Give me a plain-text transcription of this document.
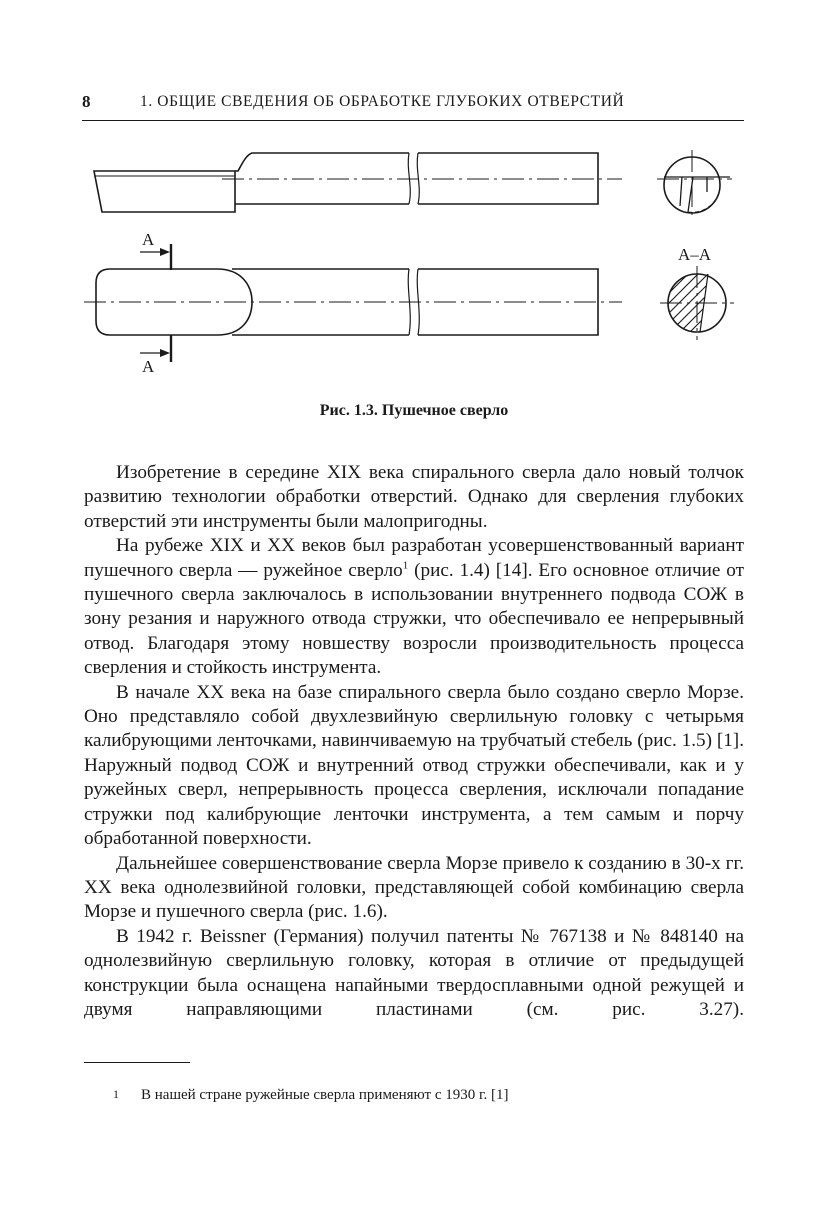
8	1. ОБЩИЕ СВЕДЕНИЯ ОБ ОБРАБОТКЕ ГЛУБОКИХ ОТВЕРСТИЙ
А
А
А–А
Рис. 1.3. Пушечное сверло

Изобретение в середине XIX века спирального сверла дало новый толчок развитию технологии обработки отверстий. Однако для сверления глубоких отверстий эти инструменты были малопригодны.

На рубеже XIX и XX веков был разработан усовершенствованный вариант пушечного сверла — ружейное сверло$^1$ (рис. 1.4) [14]. Его основное отличие от пушечного сверла заключалось в использовании внутреннего подвода СОЖ в зону резания и наружного отвода стружки, что обеспечивало ее непрерывный отвод. Благодаря этому новшеству возросли производительность процесса сверления и стойкость инструмента.

В начале XX века на базе спирального сверла было создано сверло Морзе. Оно представляло собой двухлезвийную сверлильную головку с четырьмя калибрующими ленточками, навинчиваемую на трубчатый стебель (рис. 1.5) [1]. Наружный подвод СОЖ и внутренний отвод стружки обеспечивали, как и у ружейных сверл, непрерывность процесса сверления, исключали попадание стружки под калибрующие ленточки инструмента, а тем самым и порчу обработанной поверхности.

Дальнейшее совершенствование сверла Морзе привело к созданию в 30-х гг. XX века однолезвийной головки, представляющей собой комбинацию сверла Морзе и пушечного сверла (рис. 1.6).

В 1942 г. Beissner (Германия) получил патенты № 767138 и № 848140 на однолезвийную сверлильную головку, которая в отличие от предыдущей конструкции была оснащена напайными твердосплавными одной режущей и двумя направляющими пластинами (см. рис. 3.27).

$^1$ В нашей стране ружейные сверла применяют с 1930 г. [1]
